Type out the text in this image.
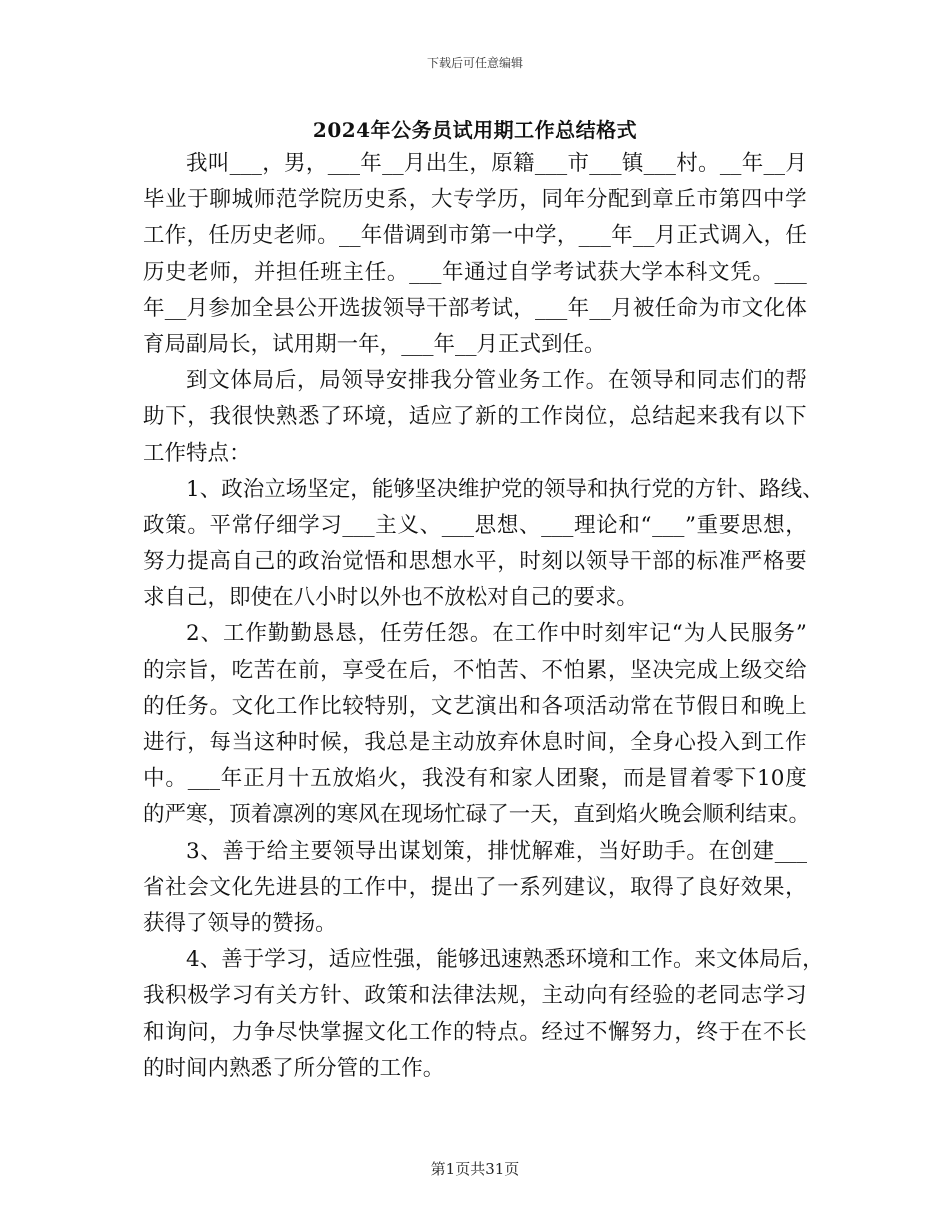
下载后可任意编辑
2024年公务员试用期工作总结格式
我 叫 ___ ， 男 ， ___ 年 __ 月 出 生 ， 原 籍 ___ 市 ___ 镇 ___ 村 。 __ 年 __ 月
毕 业 于 聊 城 师 范 学 院 历 史 系 ， 大 专 学 历 ， 同 年 分 配 到 章 丘 市 第 四 中 学
工 作 ， 任 历 史 老 师 。 __ 年 借 调 到 市 第 一 中 学 ， ___ 年 __ 月 正 式 调 入 ， 任
历 史 老 师 ， 并 担 任 班 主 任 。 ___ 年 通 过 自 学 考 试 获 大 学 本 科 文 凭 。 ___
年 __ 月 参 加 全 县 公 开 选 拔 领 导 干 部 考 试 ， ___ 年 __ 月 被 任 命 为 市 文 化 体
育 局 副 局 长 ， 试 用 期 一 年 ， ___ 年 __ 月 正 式 到 任 。
到 文 体 局 后 ， 局 领 导 安 排 我 分 管 业 务 工 作 。 在 领 导 和 同 志 们 的 帮
助 下 ， 我 很 快 熟 悉 了 环 境 ， 适 应 了 新 的 工 作 岗 位 ， 总 结 起 来 我 有 以 下
工 作 特 点 ：
1 、 政 治 立 场 坚 定 ， 能 够 坚 决 维 护 党 的 领 导 和 执 行 党 的 方 针 、 路 线 、
政 策 。 平 常 仔 细 学 习 ___ 主 义 、 ___ 思 想 、 ___ 理 论 和 “ ___ ” 重 要 思 想 ，
努 力 提 高 自 己 的 政 治 觉 悟 和 思 想 水 平 ， 时 刻 以 领 导 干 部 的 标 准 严 格 要
求 自 己 ， 即 使 在 八 小 时 以 外 也 不 放 松 对 自 己 的 要 求 。
2 、 工 作 勤 勤 恳 恳 ， 任 劳 任 怨 。 在 工 作 中 时 刻 牢 记 “ 为 人 民 服 务 ”
的 宗 旨 ， 吃 苦 在 前 ， 享 受 在 后 ， 不 怕 苦 、 不 怕 累 ， 坚 决 完 成 上 级 交 给
的 任 务 。 文 化 工 作 比 较 特 别 ， 文 艺 演 出 和 各 项 活 动 常 在 节 假 日 和 晚 上
进 行 ， 每 当 这 种 时 候 ， 我 总 是 主 动 放 弃 休 息 时 间 ， 全 身 心 投 入 到 工 作
中 。 ___ 年 正 月 十 五 放 焰 火 ， 我 没 有 和 家 人 团 聚 ， 而 是 冒 着 零 下 10 度
的 严 寒 ， 顶 着 凛 冽 的 寒 风 在 现 场 忙 碌 了 一 天 ， 直 到 焰 火 晚 会 顺 利 结 束 。
3 、 善 于 给 主 要 领 导 出 谋 划 策 ， 排 忧 解 难 ， 当 好 助 手 。 在 创 建 ___
省 社 会 文 化 先 进 县 的 工 作 中 ， 提 出 了 一 系 列 建 议 ， 取 得 了 良 好 效 果 ，
获 得 了 领 导 的 赞 扬 。
4 、 善 于 学 习 ， 适 应 性 强 ， 能 够 迅 速 熟 悉 环 境 和 工 作 。 来 文 体 局 后 ，
我 积 极 学 习 有 关 方 针 、 政 策 和 法 律 法 规 ， 主 动 向 有 经 验 的 老 同 志 学 习
和 询 问 ， 力 争 尽 快 掌 握 文 化 工 作 的 特 点 。 经 过 不 懈 努 力 ， 终 于 在 不 长
的 时 间 内 熟 悉 了 所 分 管 的 工 作 。
第1页共31页
